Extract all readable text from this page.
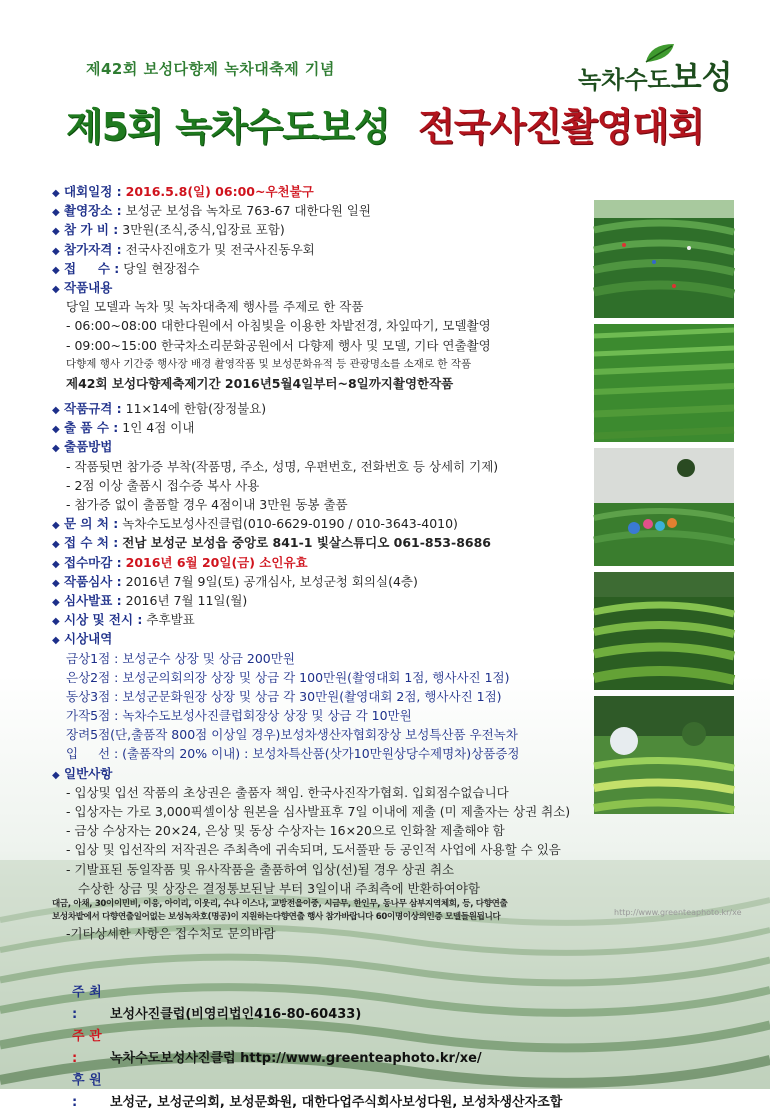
제42회 보성다향제 녹차대축제 기념	녹차수도보성
제5회 녹차수도보성 전국사진촬영대회
◆ 대회일정 : 2016.5.8(일) 06:00~우천불구
◆ 촬영장소 : 보성군 보성읍 녹차로 763-67 대한다원 일원
◆ 참 가 비 : 3만원(조식,중식,입장료 포함)
◆ 참가자격 : 전국사진애호가 및 전국사진동우회
◆ 접     수 : 당일 현장접수
◆ 작품내용
당일 모델과 녹차 및 녹차대축제 행사를 주제로 한 작품
- 06:00~08:00 대한다원에서 아침빛을 이용한 차밭전경, 차잎따기, 모델촬영
- 09:00~15:00 한국차소리문화공원에서 다향제 행사 및 모델, 기타 연출촬영
다향제 행사 기간중 행사장 배경 촬영작품 및 보성문화유적 등 관광명소를 소재로 한 작품
제42회 보성다향제축제기간 2016년5월4일부터~8일까지촬영한작품
◆ 작품규격 : 11×14에 한함(장정불요)
◆ 출 품 수 : 1인 4점 이내
◆ 출품방법
- 작품뒷면 참가증 부착(작품명, 주소, 성명, 우편번호, 전화번호 등 상세히 기제)
- 2점 이상 출품시 접수증 복사 사용
- 참가증 없이 출품할 경우 4점이내 3만원 동봉 출품
◆ 문 의 처 : 녹차수도보성사진클럽(010-6629-0190 / 010-3643-4010)
◆ 접 수 처 : 전남 보성군 보성읍 중앙로 841-1 빛살스튜디오 061-853-8686
◆ 접수마감 : 2016년 6월 20일(금) 소인유효
◆ 작품심사 : 2016년 7월 9일(토) 공개심사, 보성군청 회의실(4층)
◆ 심사발표 : 2016년 7월 11일(월)
◆ 시상 및 전시 : 추후발표
◆ 시상내역
금상1점 : 보성군수 상장 및 상금 200만원
은상2점 : 보성군의회의장 상장 및 상금 각 100만원(촬영대회 1점, 행사사진 1점)
동상3점 : 보성군문화원장 상장 및 상금 각 30만원(촬영대회 2점, 행사사진 1점)
가작5점 : 녹차수도보성사진클럽회장상 상장 및 상금 각 10만원
장려5점(단,출품작 800점 이상일 경우)보성차생산자협회장상 보성특산품 우전녹차
입     선 : (출품작의 20% 이내) : 보성차특산품(삿가10만원상당수제명차)상품증정
◆ 일반사항
- 입상및 입선 작품의 초상권은 출품자 책임. 한국사진작가협회. 입회점수없습니다
- 입상자는 가로 3,000픽셀이상 원본을 심사발표후 7일 이내에 제출 (미 제출자는 상권 취소)
- 금상 수상자는 20×24, 은상 및 동상 수상자는 16×20으로 인화찰 제출해야 함
- 입상 및 입선작의 저작권은 주최측에 귀속되며, 도서풀판 등 공인적 사업에 사용할 수 있음
- 기발표된 동일작품 및 유사작품을 출품하여 입상(선)될 경우 상권 취소
수상한 상금 및 상장은 결정통보된날 부터 3일이내 주최측에 반환하여야함
대금, 아채, 30이이민비, 이응, 아이리, 이웃리, 수나 이스나, 교방전을이중, 시금무, 한인무, 동나무 삼부지역체회, 등, 다향연출
보성차밭에서 다향연출일어없는 보성녹차호(명공)이 지원하는다향연출 행사 참가바랍니다 60이명이상의인증 모델들원됩니다
-기타상세한 사항은 접수처로 문의바람
http://www.greenteaphoto.kr/xe
주 최 :	보성사진클럽(비영리법인416-80-60433)
주 관 :	녹차수도보성사진클럽 http://www.greenteaphoto.kr/xe/
후 원 :	보성군, 보성군의회, 보성문화원, 대한다업주식회사보성다원, 보성차생산자조합
